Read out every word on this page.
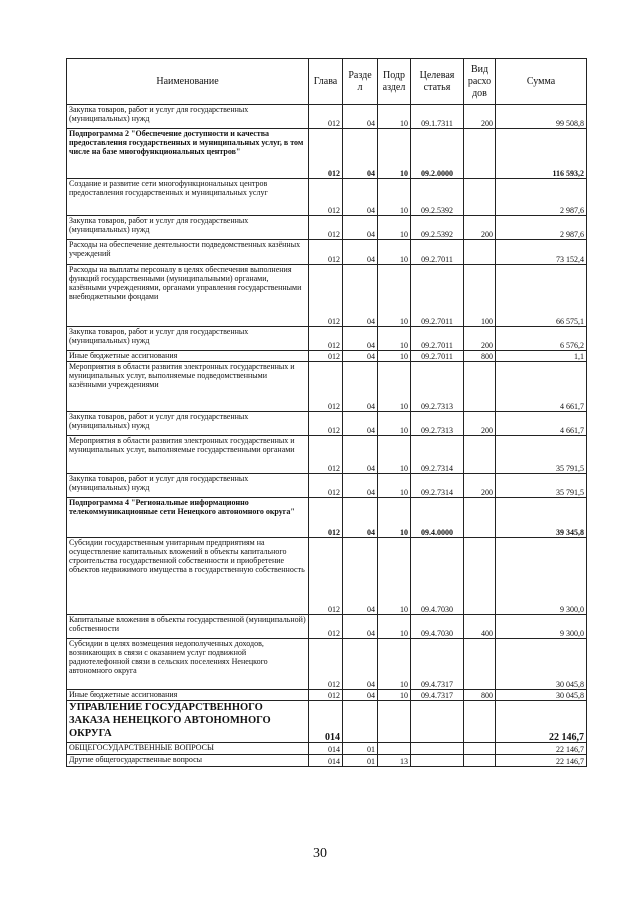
Наименование	Глава	Разде л	Подр аздел	Целевая статья	Вид расхо дов	Сумма
Закупка товаров, работ и услуг для государственных (муниципальных) нужд	012	04	10	09.1.7311	200	99 508,8
Подпрограмма 2 "Обеспечение доступности и качества предоставления государственных и муниципальных услуг, в том числе на базе многофункциональных центров"	012	04	10	09.2.0000		116 593,2
Создание и развитие сети многофункциональных центров предоставления государственных и муниципальных услуг	012	04	10	09.2.5392		2 987,6
Закупка товаров, работ и услуг для государственных (муниципальных) нужд	012	04	10	09.2.5392	200	2 987,6
Расходы на обеспечение деятельности подведомственных казённых учреждений	012	04	10	09.2.7011		73 152,4
Расходы на выплаты персоналу в целях обеспечения выполнения функций государственными (муниципальными) органами, казёнными учреждениями, органами управления государственными внебюджетными фондами	012	04	10	09.2.7011	100	66 575,1
Закупка товаров, работ и услуг для государственных (муниципальных) нужд	012	04	10	09.2.7011	200	6 576,2
Иные бюджетные ассигнования	012	04	10	09.2.7011	800	1,1
Мероприятия в области развития электронных государственных и муниципальных услуг, выполняемые подведомственными казёнными учреждениями	012	04	10	09.2.7313		4 661,7
Закупка товаров, работ и услуг для государственных (муниципальных) нужд	012	04	10	09.2.7313	200	4 661,7
Мероприятия в области развития электронных государственных и муниципальных услуг, выполняемые государственными органами	012	04	10	09.2.7314		35 791,5
Закупка товаров, работ и услуг для государственных (муниципальных) нужд	012	04	10	09.2.7314	200	35 791,5
Подпрограмма 4 "Региональные информационно телекоммуникационные сети Ненецкого автономного округа"	012	04	10	09.4.0000		39 345,8
Субсидии государственным унитарным предприятиям на осуществление капитальных вложений в объекты капитального строительства государственной собственности и приобретение объектов недвижимого имущества в государственную собственность	012	04	10	09.4.7030		9 300,0
Капитальные вложения в объекты государственной (муниципальной) собственности	012	04	10	09.4.7030	400	9 300,0
Субсидии в целях возмещения недополученных доходов, возникающих в связи с оказанием услуг подвижной радиотелефонной связи в сельских поселениях Ненецкого автономного округа	012	04	10	09.4.7317		30 045,8
Иные бюджетные ассигнования	012	04	10	09.4.7317	800	30 045,8
УПРАВЛЕНИЕ ГОСУДАРСТВЕННОГО ЗАКАЗА НЕНЕЦКОГО АВТОНОМНОГО ОКРУГА	014					22 146,7
ОБЩЕГОСУДАРСТВЕННЫЕ ВОПРОСЫ	014	01				22 146,7
Другие общегосударственные вопросы	014	01	13			22 146,7
30
